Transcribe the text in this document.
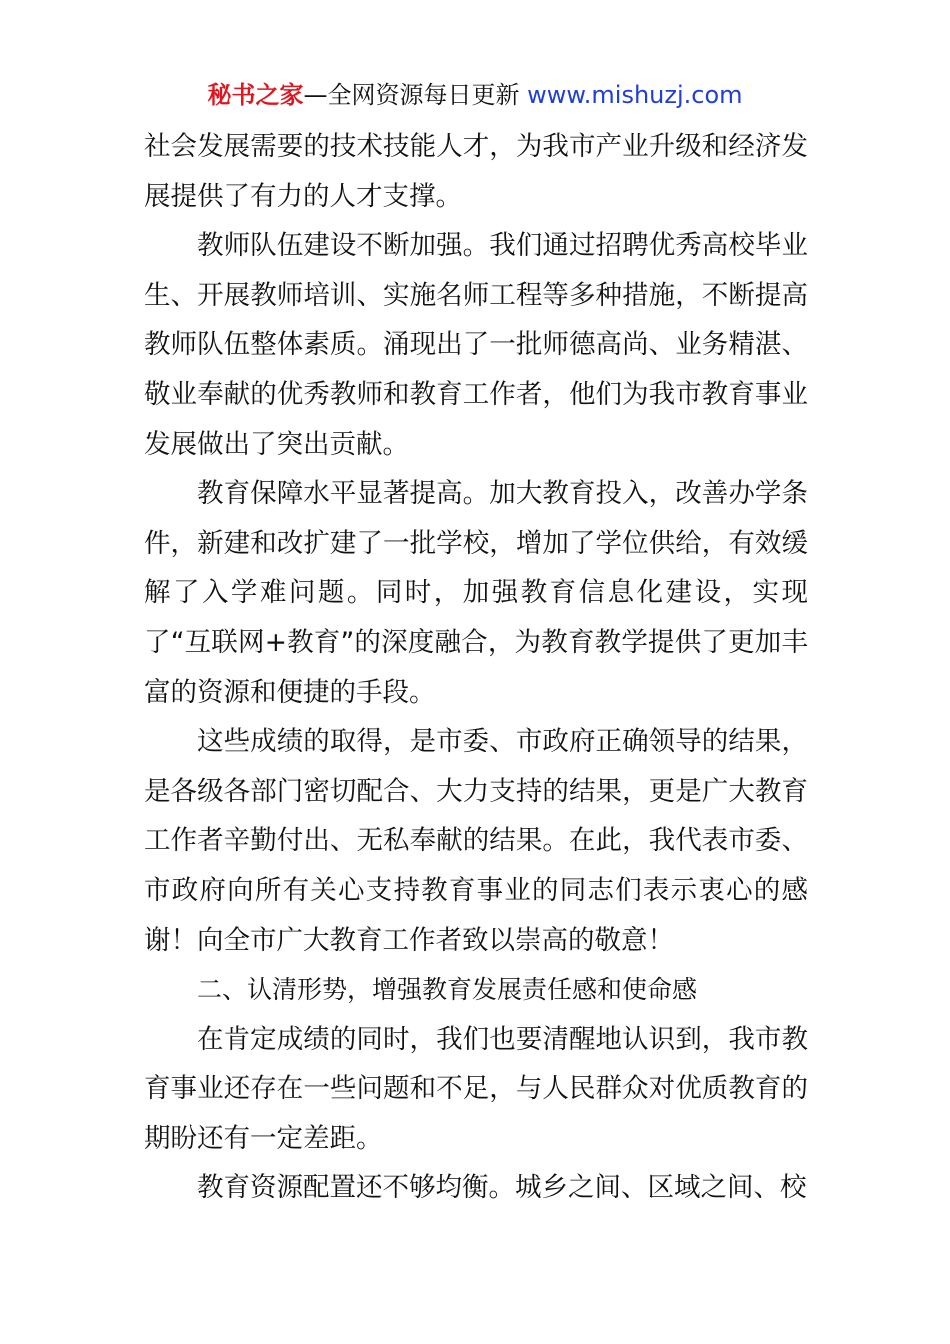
秘书之家—全网资源每日更新 www.mishuzj.com

社会发展需要的技术技能人才，为我市产业升级和经济发展提供了有力的人才支撑。

教师队伍建设不断加强。我们通过招聘优秀高校毕业生、开展教师培训、实施名师工程等多种措施，不断提高教师队伍整体素质。涌现出了一批师德高尚、业务精湛、敬业奉献的优秀教师和教育工作者，他们为我市教育事业发展做出了突出贡献。

教育保障水平显著提高。加大教育投入，改善办学条件，新建和改扩建了一批学校，增加了学位供给，有效缓解了入学难问题。同时，加强教育信息化建设，实现了“互联网+教育”的深度融合，为教育教学提供了更加丰富的资源和便捷的手段。

这些成绩的取得，是市委、市政府正确领导的结果，是各级各部门密切配合、大力支持的结果，更是广大教育工作者辛勤付出、无私奉献的结果。在此，我代表市委、市政府向所有关心支持教育事业的同志们表示衷心的感谢！向全市广大教育工作者致以崇高的敬意！

二、认清形势，增强教育发展责任感和使命感

在肯定成绩的同时，我们也要清醒地认识到，我市教育事业还存在一些问题和不足，与人民群众对优质教育的期盼还有一定差距。

教育资源配置还不够均衡。城乡之间、区域之间、校
